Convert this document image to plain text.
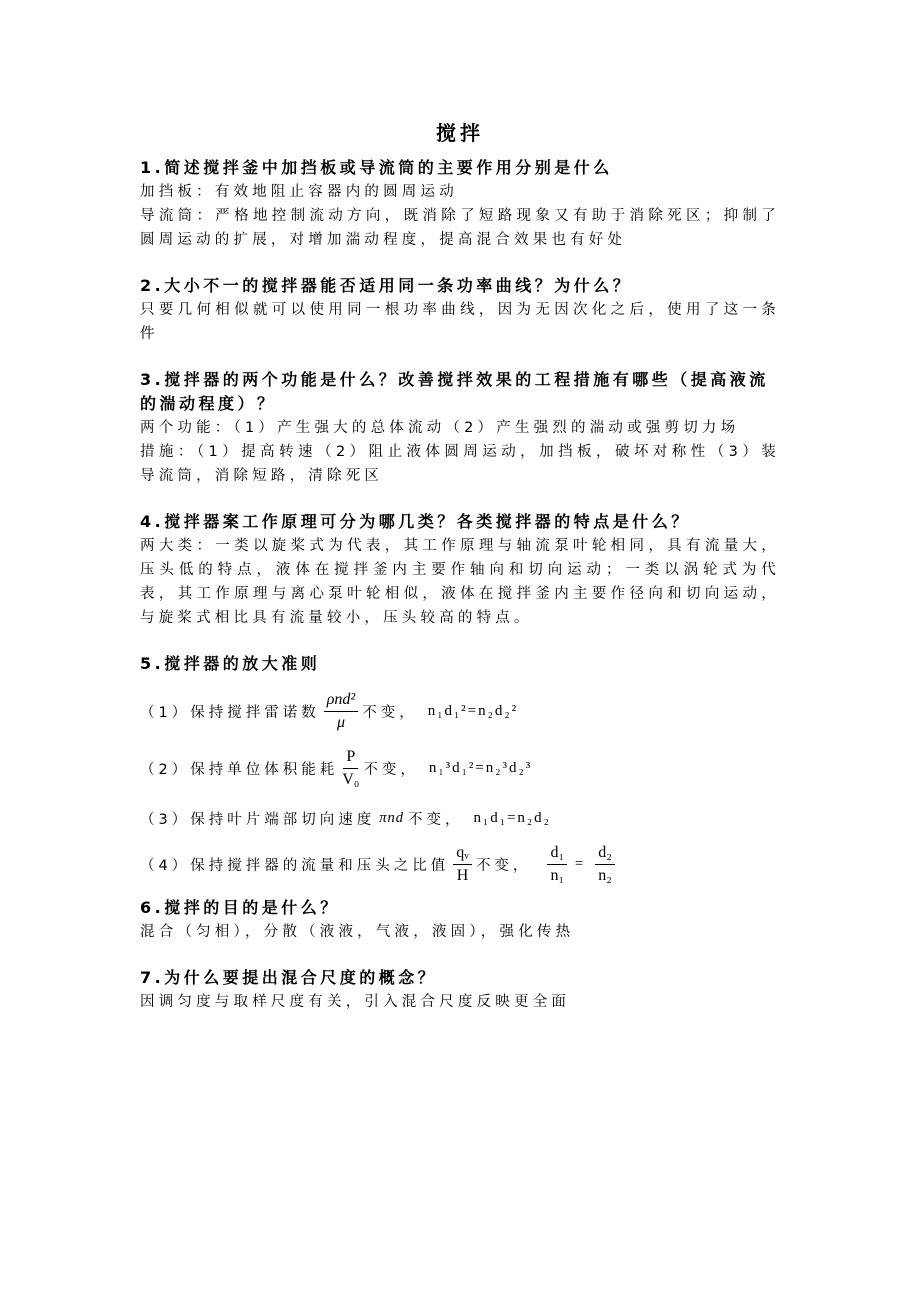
搅拌

1.简述搅拌釜中加挡板或导流筒的主要作用分别是什么

加挡板：有效地阻止容器内的圆周运动

导流筒：严格地控制流动方向，既消除了短路现象又有助于消除死区；抑制了圆周运动的扩展，对增加湍动程度，提高混合效果也有好处

2.大小不一的搅拌器能否适用同一条功率曲线？为什么？

只要几何相似就可以使用同一根功率曲线，因为无因次化之后，使用了这一条件

3.搅拌器的两个功能是什么？改善搅拌效果的工程措施有哪些（提高液流的湍动程度）？

两个功能：（1）产生强大的总体流动（2）产生强烈的湍动或强剪切力场

措施：（1）提高转速（2）阻止液体圆周运动，加挡板，破坏对称性（3）装导流筒，消除短路，清除死区

4.搅拌器案工作原理可分为哪几类？各类搅拌器的特点是什么？

两大类：一类以旋桨式为代表，其工作原理与轴流泵叶轮相同，具有流量大，压头低的特点，液体在搅拌釜内主要作轴向和切向运动；一类以涡轮式为代表，其工作原理与离心泵叶轮相似，液体在搅拌釜内主要作径向和切向运动，与旋桨式相比具有流量较小，压头较高的特点。

5.搅拌器的放大准则

（1）保持搅拌雷诺数 $\frac{\text{ρnd²}}{\mu}$ 不变， n₁d₁²=n₂d₂²
（2）保持单位体积能耗 $\frac{P}{\text{V₀}}$ 不变， n₁³d₁²=n₂³d₂³
（3）保持叶片端部切向速度 πnd 不变， n₁d₁=n₂d₂
（4）保持搅拌器的流量和压头之比值 $\frac{\text{qᵥ}}{H}$ 不变， $\frac{\text{d₁}}{\text{n₁}} = \frac{\text{d₂}}{\text{n₂}}$

6.搅拌的目的是什么？

混合（匀相），分散（液液，气液，液固），强化传热

7.为什么要提出混合尺度的概念？

因调匀度与取样尺度有关，引入混合尺度反映更全面
